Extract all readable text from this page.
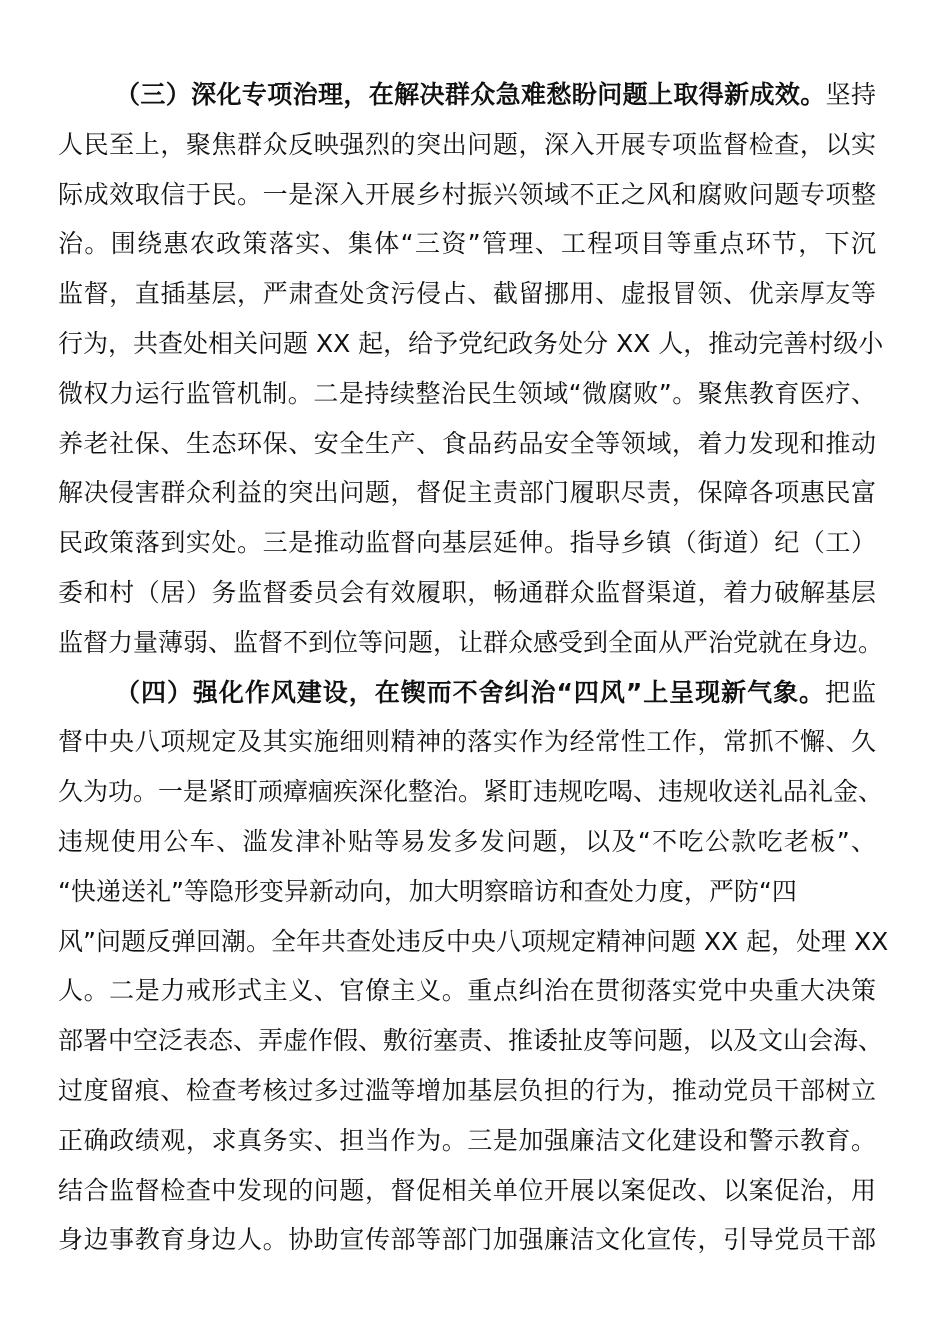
（三）深化专项治理，在解决群众急难愁盼问题上取得新成效。坚持
人民至上，聚焦群众反映强烈的突出问题，深入开展专项监督检查，以实
际成效取信于民。一是深入开展乡村振兴领域不正之风和腐败问题专项整
治。围绕惠农政策落实、集体“三资”管理、工程项目等重点环节，下沉
监督，直插基层，严肃查处贪污侵占、截留挪用、虚报冒领、优亲厚友等
行为，共查处相关问题 XX 起，给予党纪政务处分 XX 人，推动完善村级小
微权力运行监管机制。二是持续整治民生领域“微腐败”。聚焦教育医疗、
养老社保、生态环保、安全生产、食品药品安全等领域，着力发现和推动
解决侵害群众利益的突出问题，督促主责部门履职尽责，保障各项惠民富
民政策落到实处。三是推动监督向基层延伸。指导乡镇（街道）纪（工）
委和村（居）务监督委员会有效履职，畅通群众监督渠道，着力破解基层
监督力量薄弱、监督不到位等问题，让群众感受到全面从严治党就在身边。
（四）强化作风建设，在锲而不舍纠治“四风”上呈现新气象。把监
督中央八项规定及其实施细则精神的落实作为经常性工作，常抓不懈、久
久为功。一是紧盯顽瘴痼疾深化整治。紧盯违规吃喝、违规收送礼品礼金、
违规使用公车、滥发津补贴等易发多发问题，以及“不吃公款吃老板”、
“快递送礼”等隐形变异新动向，加大明察暗访和查处力度，严防“四
风”问题反弹回潮。全年共查处违反中央八项规定精神问题 XX 起，处理 XX
人。二是力戒形式主义、官僚主义。重点纠治在贯彻落实党中央重大决策
部署中空泛表态、弄虚作假、敷衍塞责、推诿扯皮等问题，以及文山会海、
过度留痕、检查考核过多过滥等增加基层负担的行为，推动党员干部树立
正确政绩观，求真务实、担当作为。三是加强廉洁文化建设和警示教育。
结合监督检查中发现的问题，督促相关单位开展以案促改、以案促治，用
身边事教育身边人。协助宣传部等部门加强廉洁文化宣传，引导党员干部
